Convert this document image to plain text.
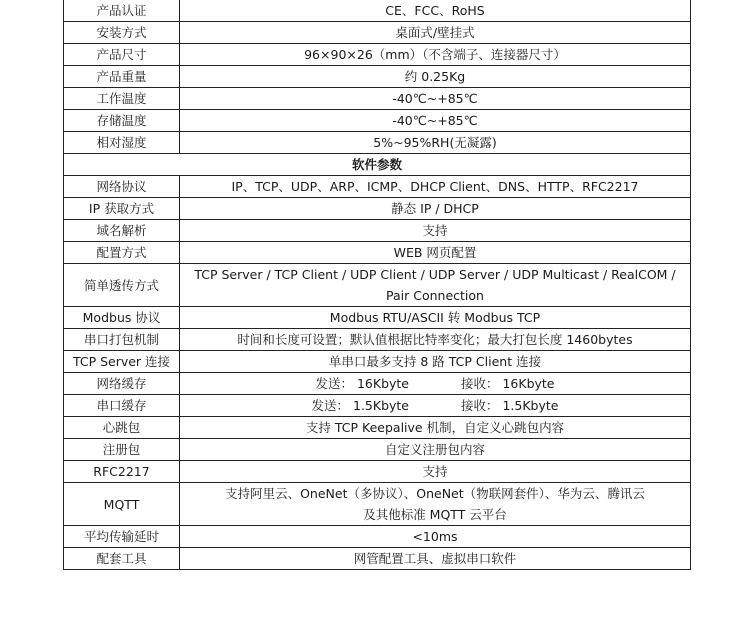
产品认证	CE、FCC、RoHS
安装方式	桌面式/壁挂式
产品尺寸	96×90×26（mm）（不含端子、连接器尺寸）
产品重量	约 0.25Kg
工作温度	-40℃~+85℃
存储温度	-40℃~+85℃
相对湿度	5%~95%RH(无凝露)
软件参数	
网络协议	IP、TCP、UDP、ARP、ICMP、DHCP Client、DNS、HTTP、RFC2217
IP 获取方式	静态 IP / DHCP
域名解析	支持
配置方式	WEB 网页配置
简单透传方式	TCP Server / TCP Client / UDP Client / UDP Server / UDP Multicast / RealCOM /
Pair Connection

Modbus 协议	Modbus RTU/ASCII 转 Modbus TCP
串口打包机制	时间和长度可设置；默认值根据比特率变化；最大打包长度 1460bytes
TCP Server 连接	单串口最多支持 8 路 TCP Client 连接
网络缓存	发送： 16Kbyte 接收： 16Kbyte
串口缓存	发送： 1.5Kbyte 接收： 1.5Kbyte
心跳包	支持 TCP Keepalive 机制，自定义心跳包内容
注册包	自定义注册包内容
RFC2217	支持
MQTT	支持阿里云、OneNet（多协议）、OneNet（物联网套件）、华为云、腾讯云
及其他标准 MQTT 云平台

平均传输延时	<10ms
配套工具	网管配置工具、虚拟串口软件
